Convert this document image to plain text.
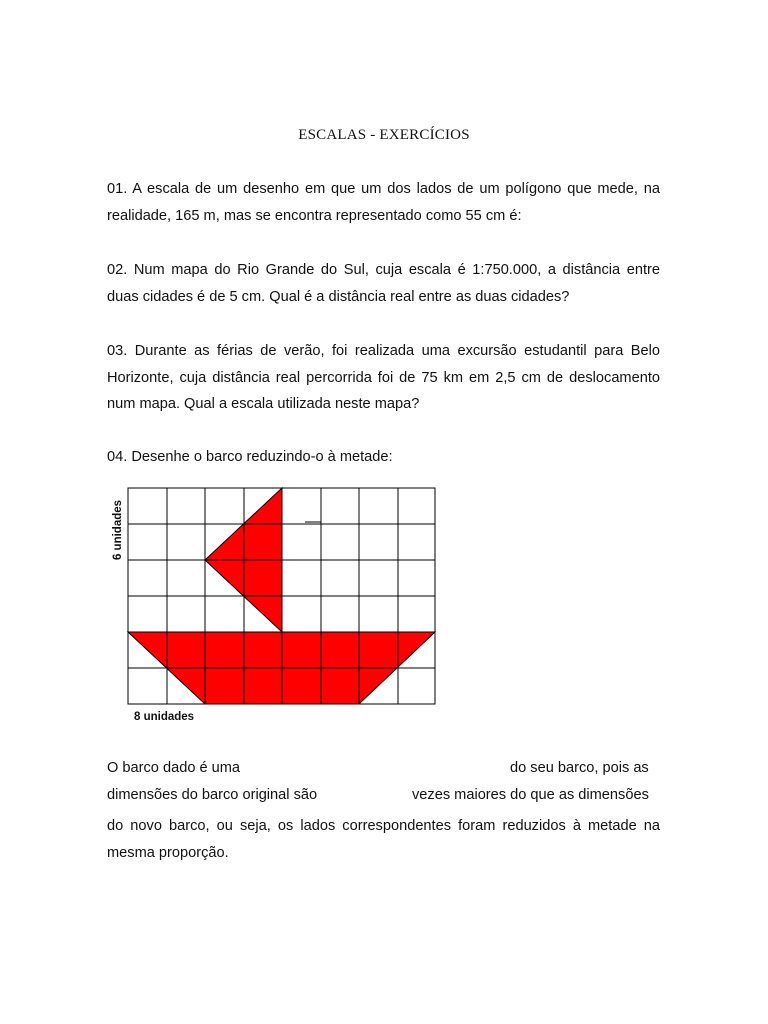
ESCALAS - EXERCÍCIOS
01. A escala de um desenho em que um dos lados de um polígono que mede, na realidade, 165 m, mas se encontra representado como 55 cm é:
02. Num mapa do Rio Grande do Sul, cuja escala é 1:750.000, a distância entre duas cidades é de 5 cm. Qual é a distância real entre as duas cidades?
03. Durante as férias de verão, foi realizada uma excursão estudantil para Belo Horizonte, cuja distância real percorrida foi de 75 km em 2,5 cm de deslocamento num mapa. Qual a escala utilizada neste mapa?
04. Desenhe o barco reduzindo-o à metade:
6 unidades
8 unidades
O barco dado é uma	do seu barco, pois as
dimensões do barco original são	vezes maiores do que as dimensões
do novo barco, ou seja, os lados correspondentes foram reduzidos à metade na mesma proporção.
